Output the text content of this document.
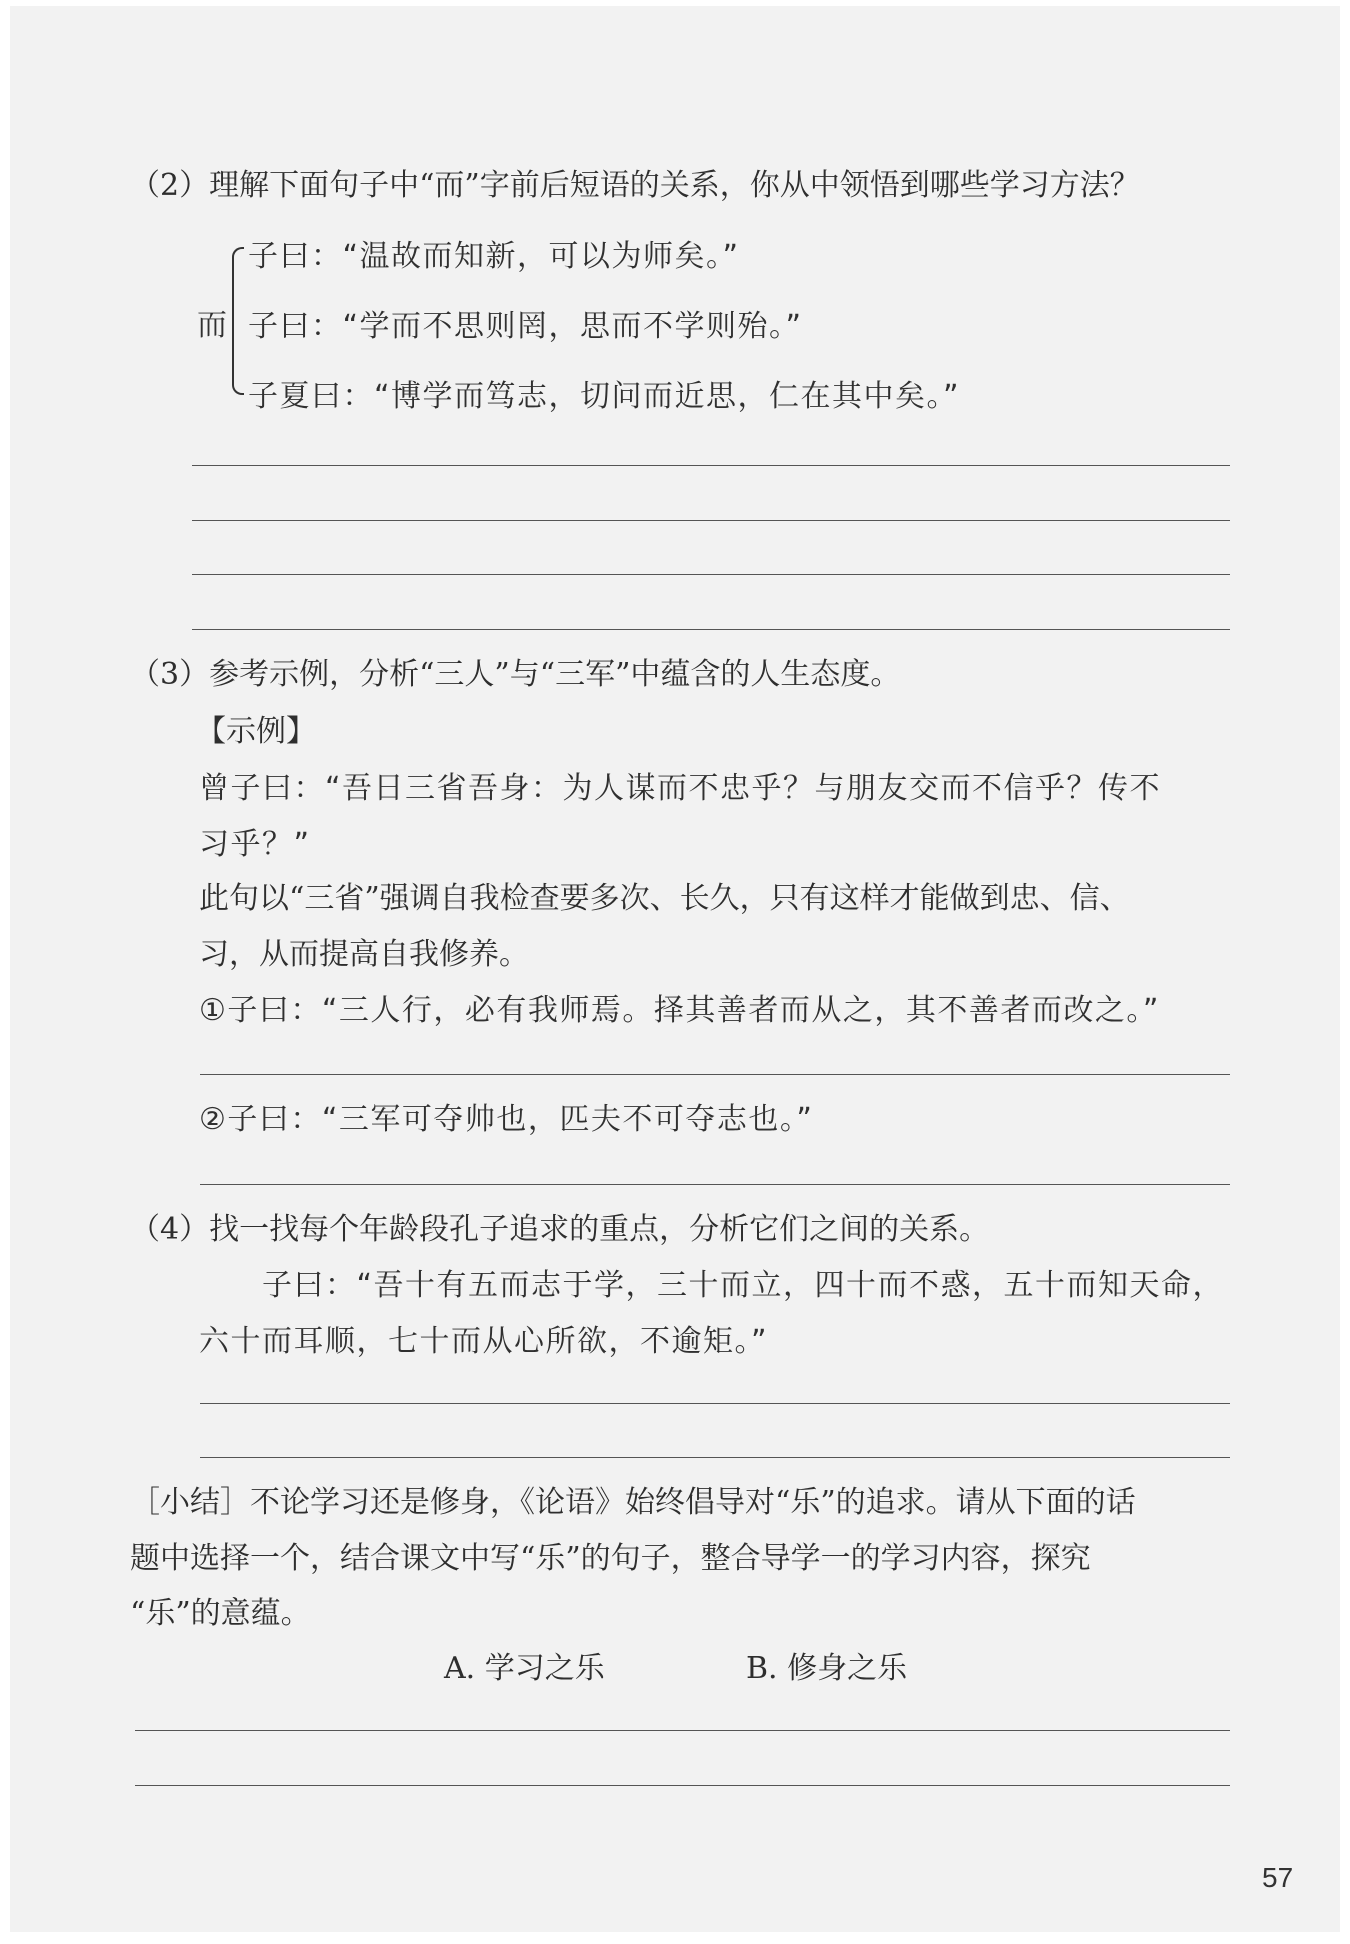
（2）理解下面句子中“而”字前后短语的关系，你从中领悟到哪些学习方法？
而
子曰：“温故而知新，可以为师矣。”
子曰：“学而不思则罔，思而不学则殆。”
子夏曰：“博学而笃志，切问而近思，仁在其中矣。”
（3）参考示例，分析“三人”与“三军”中蕴含的人生态度。
【示例】
曾子曰：“吾日三省吾身：为人谋而不忠乎？与朋友交而不信乎？传不
习乎？”
此句以“三省”强调自我检查要多次、长久，只有这样才能做到忠、信、
习，从而提高自我修养。
①子曰：“三人行，必有我师焉。择其善者而从之，其不善者而改之。”
②子曰：“三军可夺帅也，匹夫不可夺志也。”
（4）找一找每个年龄段孔子追求的重点，分析它们之间的关系。
子曰：“吾十有五而志于学，三十而立，四十而不惑，五十而知天命，
六十而耳顺，七十而从心所欲，不逾矩。”
［小结］不论学习还是修身，《论语》始终倡导对“乐”的追求。请从下面的话
题中选择一个，结合课文中写“乐”的句子，整合导学一的学习内容，探究
“乐”的意蕴。
A. 学习之乐	B. 修身之乐
57
